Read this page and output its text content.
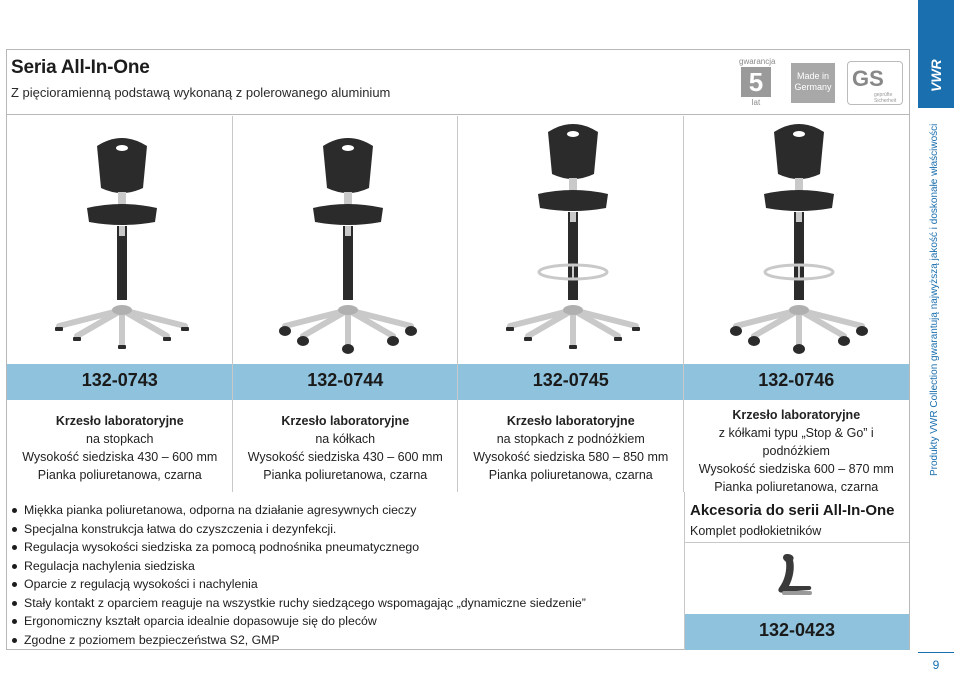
Seria All-In-One
Z pięcioramienną podstawą wykonaną z polerowanego aluminium
gwarancja
5
lat
Made in Germany GS
geprüfte Sicherheit
132-0743
Krzesło laboratoryjne
na stopkach
Wysokość siedziska 430 – 600 mm
Pianka poliuretanowa, czarna
132-0744
Krzesło laboratoryjne
na kółkach
Wysokość siedziska 430 – 600 mm
Pianka poliuretanowa, czarna
132-0745
Krzesło laboratoryjne
na stopkach z podnóżkiem
Wysokość siedziska 580 – 850 mm
Pianka poliuretanowa, czarna
132-0746
Krzesło laboratoryjne
z kółkami typu „Stop & Go” i
podnóżkiem
Wysokość siedziska 600 – 870 mm
Pianka poliuretanowa, czarna
Miękka pianka poliuretanowa, odporna na działanie agresywnych cieczy
Specjalna konstrukcja łatwa do czyszczenia i dezynfekcji.
Regulacja wysokości siedziska za pomocą podnośnika pneumatycznego
Regulacja nachylenia siedziska
Oparcie z regulacją wysokości i nachylenia
Stały kontakt z oparciem reaguje na wszystkie ruchy siedzącego wspomagając „dynamiczne siedzenie”
Ergonomiczny kształt oparcia idealnie dopasowuje się do pleców
Zgodne z poziomem bezpieczeństwa S2, GMP
Akcesoria do serii All-In-One
Komplet podłokietników
132-0423
VWR
Produkty VWR Collection gwarantują najwyższą jakość i doskonałe właściwości
9
